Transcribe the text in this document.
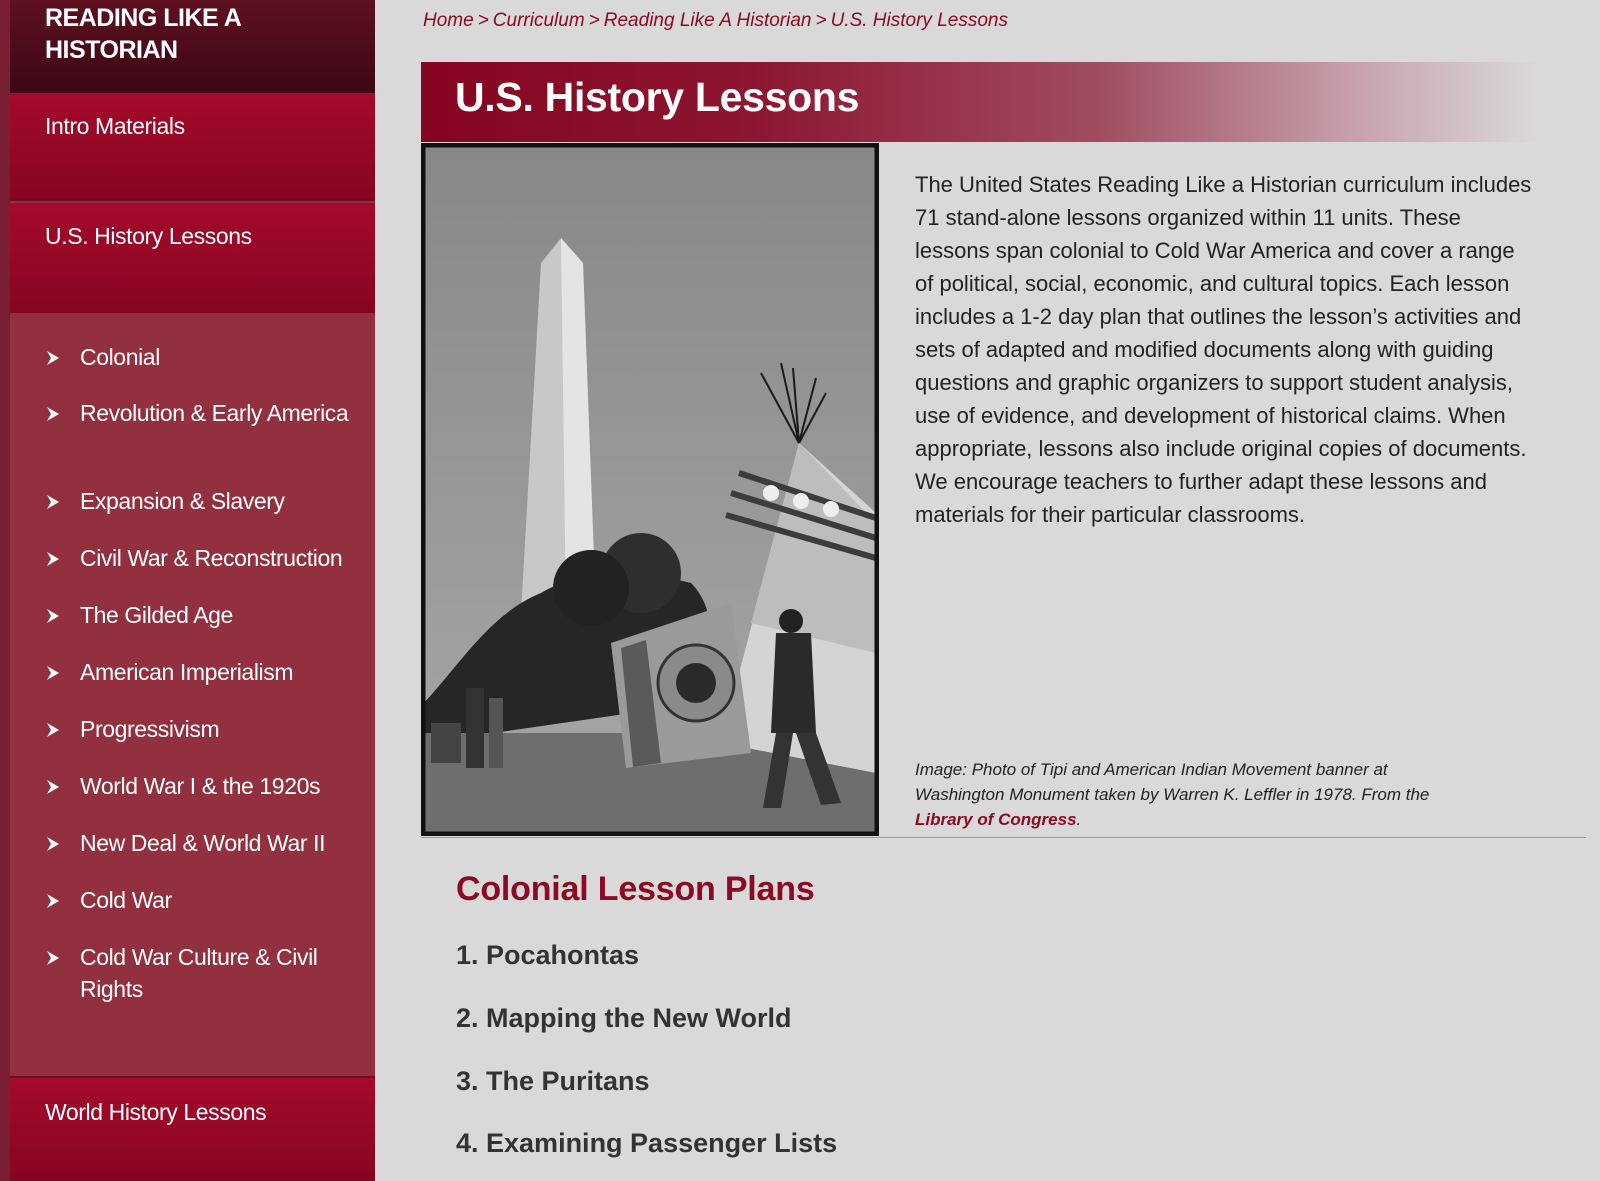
READING LIKE A HISTORIAN
Intro Materials
U.S. History Lessons
Colonial
Revolution & Early America
Expansion & Slavery
Civil War & Reconstruction
The Gilded Age
American Imperialism
Progressivism
World War I & the 1920s
New Deal & World War II
Cold War
Cold War Culture & Civil Rights
World History Lessons
Home > Curriculum > Reading Like A Historian > U.S. History Lessons
U.S. History Lessons

The United States Reading Like a Historian curriculum includes 71 stand-alone lessons organized within 11 units. These lessons span colonial to Cold War America and cover a range of political, social, economic, and cultural topics. Each lesson includes a 1-2 day plan that outlines the lesson’s activities and sets of adapted and modified documents along with guiding questions and graphic organizers to support student analysis, use of evidence, and development of historical claims. When appropriate, lessons also include original copies of documents. We encourage teachers to further adapt these lessons and materials for their particular classrooms.

Image: Photo of Tipi and American Indian Movement banner at Washington Monument taken by Warren K. Leffler in 1978. From the Library of Congress.

Colonial Lesson Plans
1. Pocahontas
2. Mapping the New World
3. The Puritans
4. Examining Passenger Lists
